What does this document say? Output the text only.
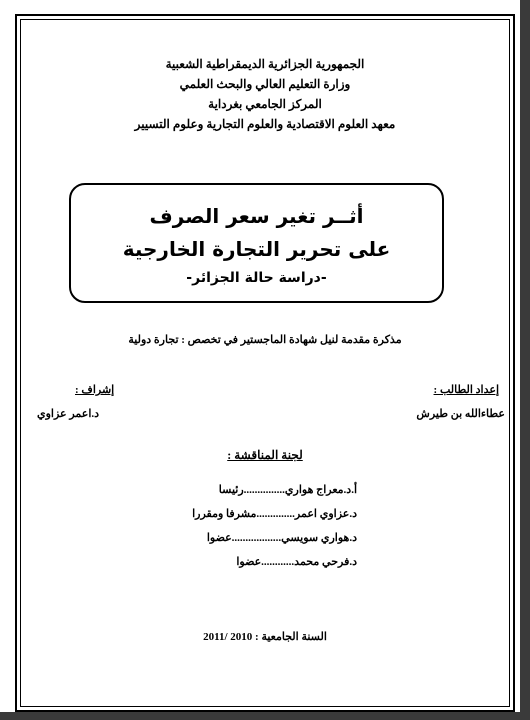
الجمهورية الجزائرية الديمقراطية الشعبية
وزارة التعليم العالي والبحث العلمي
المركز الجامعي بغرداية
معهد العلوم الاقتصادية والعلوم التجارية وعلوم التسيير
أثــر تغير سعر الصرف
على تحرير التجارة الخارجية
-دراسة حالة الجزائر-
مذكرة مقدمة لنيل شهادة الماجستير في تخصص : تجارة دولية
إعداد الطالب :
عطاءالله بن طيرش
إشراف :
د.اعمر عزاوي
لجنة المناقشة :
أ.د.معراج هواري...............رئيسا
د.عزاوي اعمر..............مشرفا ومقررا
د.هواري سويسي..................عضوا
د.فرحي محمد............عضوا
السنة الجامعية : 2010 /2011
